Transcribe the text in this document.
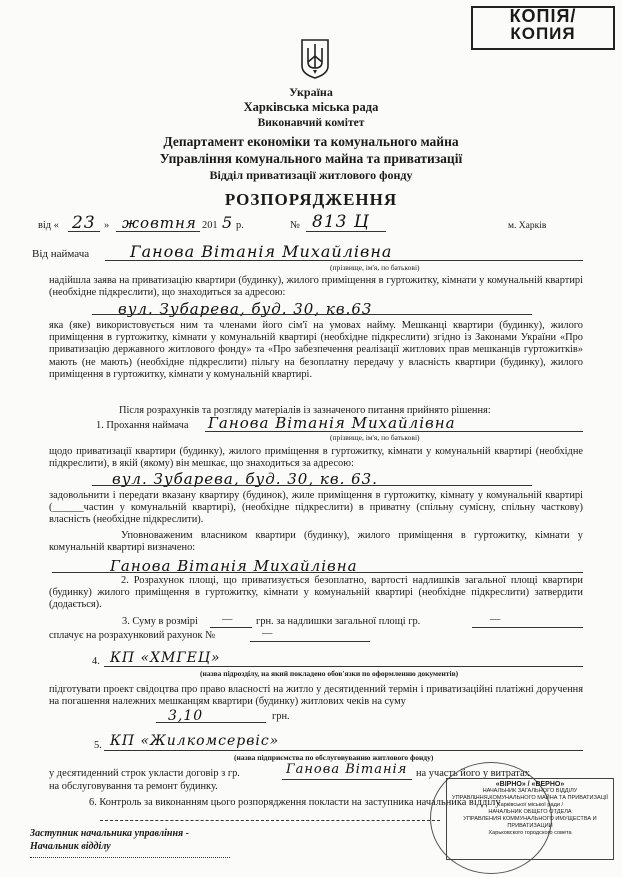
КОПІЯ/
КОПИЯ
Україна
Харківська міська рада
Виконавчий комітет
Департамент економіки та комунального майна
Управління комунального майна та приватизації
Відділ приватизації житлового фонду
РОЗПОРЯДЖЕННЯ
від « 23 » жовтня 201 5 р.	№ 813 Ц	м. Харків
Від наймача	Ганова Вітанія Михайлівна
(прізвище, ім'я, по батькові)
надійшла заява на приватизацію квартири (будинку), жилого приміщення в гуртожитку, кімнати у комунальній квартирі (необхідне підкреслити), що знаходиться за адресою:
вул. Зубарева, буд. 30, кв.63
яка (яке) використовується ним та членами його сім'ї на умовах найму. Мешканці квартири (будинку), жилого приміщення в гуртожитку, кімнати у комунальній квартирі (необхідне підкреслити) згідно із Законами України «Про приватизацію державного житлового фонду» та «Про забезпечення реалізації житлових прав мешканців гуртожитків» мають (не мають) (необхідне підкреслити) пільгу на безоплатну передачу у власність квартири (будинку), жилого приміщення в гуртожитку, кімнати у комунальній квартирі.
Після розрахунків та розгляду матеріалів із зазначеного питання прийнято рішення:
1. Прохання наймача Ганова Вітанія Михайлівна
(прізвище, ім'я, по батькові)
щодо приватизації квартири (будинку), жилого приміщення в гуртожитку, кімнати у комунальній квартирі (необхідне підкреслити), в якій (якому) він мешкає, що знаходиться за адресою:
вул. Зубарева, буд. 30, кв. 63.
задовольнити і передати вказану квартиру (будинок), жиле приміщення в гуртожитку, кімнату у комунальній квартирі (______частин у комунальній квартирі), (необхідне підкреслити) в приватну (спільну сумісну, спільну часткову) власність (необхідне підкреслити).
Уповноваженим власником квартири (будинку), жилого приміщення в гуртожитку, кімнати у комунальній квартирі визначено:
Ганова Вітанія Михайлівна
2. Розрахунок площі, що приватизується безоплатно, вартості надлишків загальної площі квартири (будинку) жилого приміщення в гуртожитку, кімнати у комунальній квартирі (необхідне підкреслити) затвердити (додається).
3. Суму в розмірі — грн. за надлишки загальної площі гр.	—
сплачує на розрахунковий рахунок №	—
4. КП «ХМГЕЦ»
(назва підрозділу, на який покладено обов'язки по оформленню документів)
підготувати проект свідоцтва про право власності на житло у десятиденний термін і приватизаційні платіжні доручення на погашення належних мешканцям квартири (будинку) житлових чеків на суму
3,10	грн.
5. КП «Жилкомсервіс»
(назва підприємства по обслуговуванню житлового фонду)
у десятиденний строк укласти договір з гр.	Ганова Вітанія на участь його у витратах
на обслуговування та ремонт будинку.
6. Контроль за виконанням цього розпорядження покласти на заступника начальника відділу
Заступник начальника управління -
Начальник відділу
«ВІРНО» / «ВЕРНО»
НАЧАЛЬНИК ЗАГАЛЬНОГО ВІДДІЛУ
УПРАВЛІННЯ КОМУНАЛЬНОГО МАЙНА ТА ПРИВАТИЗАЦІЇ
Харківської міської ради /
НАЧАЛЬНИК ОБЩЕГО ОТДЕЛА
УПРАВЛЕНИЯ КОММУНАЛЬНОГО ИМУЩЕСТВА И ПРИВАТИЗАЦИИ
Харьковского городского совета
